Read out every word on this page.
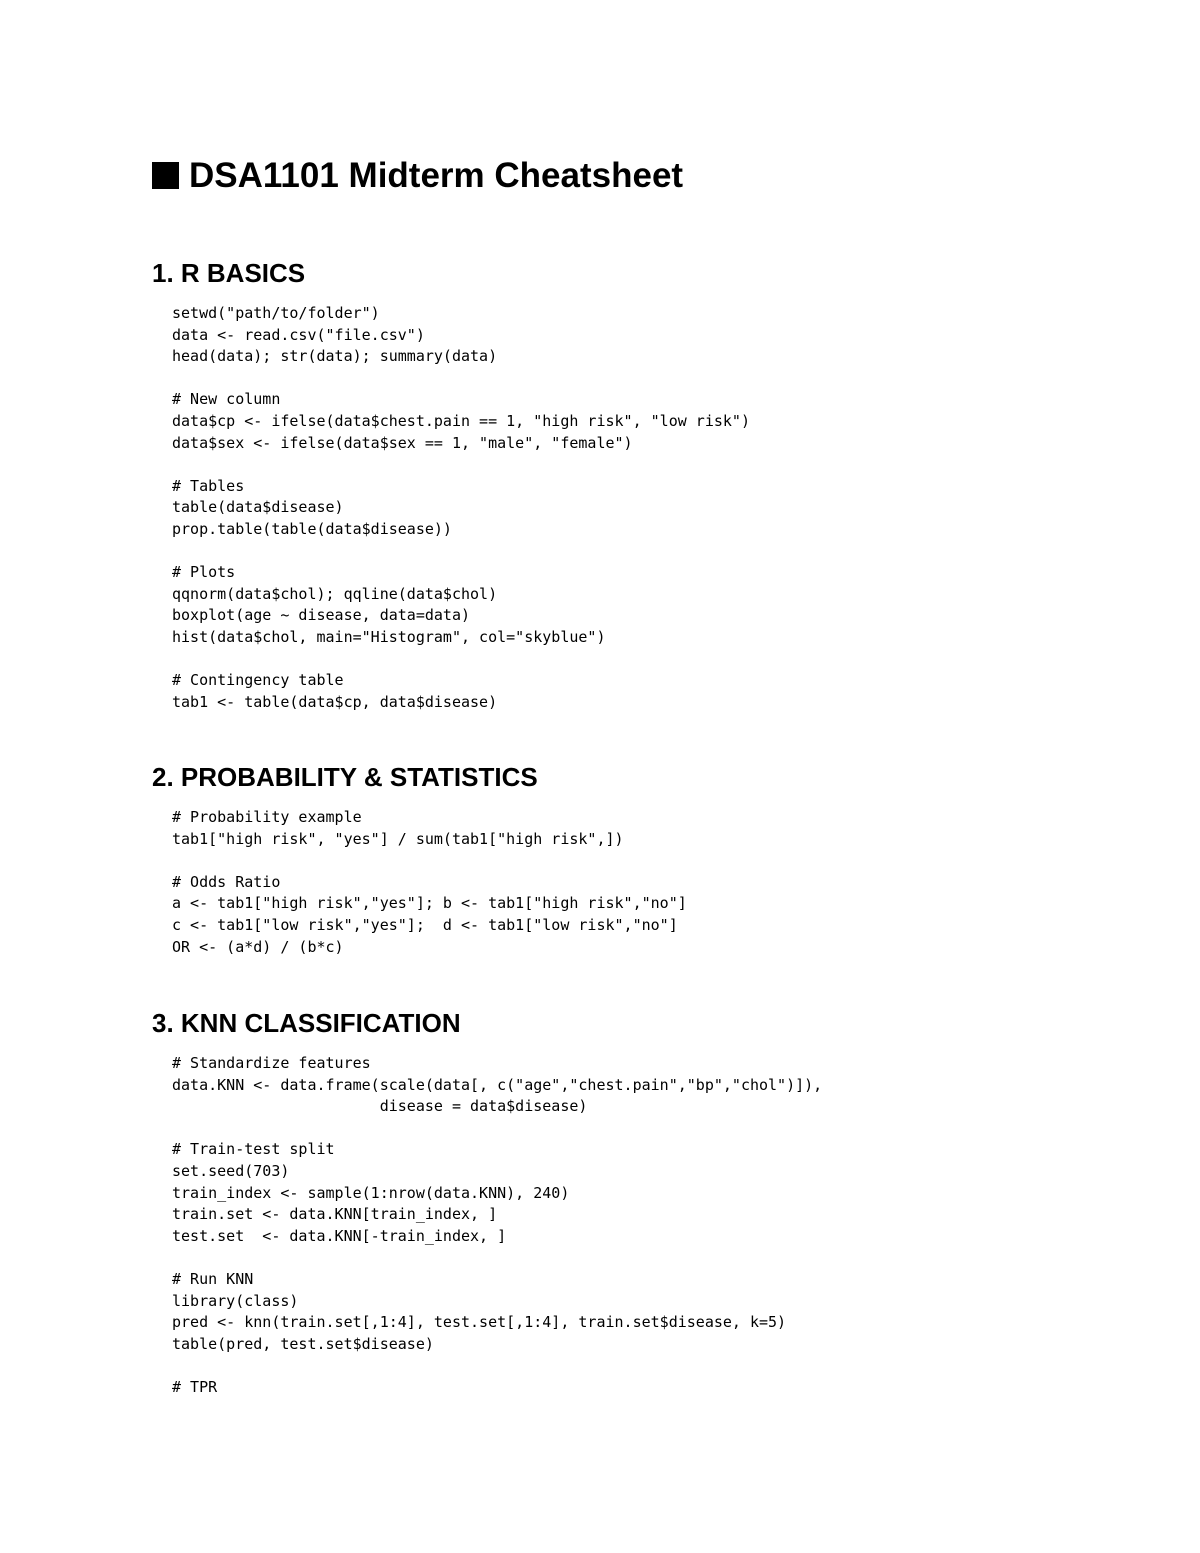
DSA1101 Midterm Cheatsheet
1. R BASICS
setwd("path/to/folder")
data <- read.csv("file.csv")
head(data); str(data); summary(data)
# New column
data$cp <- ifelse(data$chest.pain == 1, "high risk", "low risk")
data$sex <- ifelse(data$sex == 1, "male", "female")
# Tables
table(data$disease)
prop.table(table(data$disease))
# Plots
qqnorm(data$chol); qqline(data$chol)
boxplot(age ~ disease, data=data)
hist(data$chol, main="Histogram", col="skyblue")
# Contingency table
tab1 <- table(data$cp, data$disease)
2. PROBABILITY & STATISTICS
# Probability example
tab1["high risk", "yes"] / sum(tab1["high risk",])
# Odds Ratio
a <- tab1["high risk","yes"]; b <- tab1["high risk","no"]
c <- tab1["low risk","yes"];  d <- tab1["low risk","no"]
OR <- (a*d) / (b*c)
3. KNN CLASSIFICATION
# Standardize features
data.KNN <- data.frame(scale(data[, c("age","chest.pain","bp","chol")]),
disease = data$disease)
# Train-test split
set.seed(703)
train_index <- sample(1:nrow(data.KNN), 240)
train.set <- data.KNN[train_index, ]
test.set  <- data.KNN[-train_index, ]
# Run KNN
library(class)
pred <- knn(train.set[,1:4], test.set[,1:4], train.set$disease, k=5)
table(pred, test.set$disease)
# TPR
